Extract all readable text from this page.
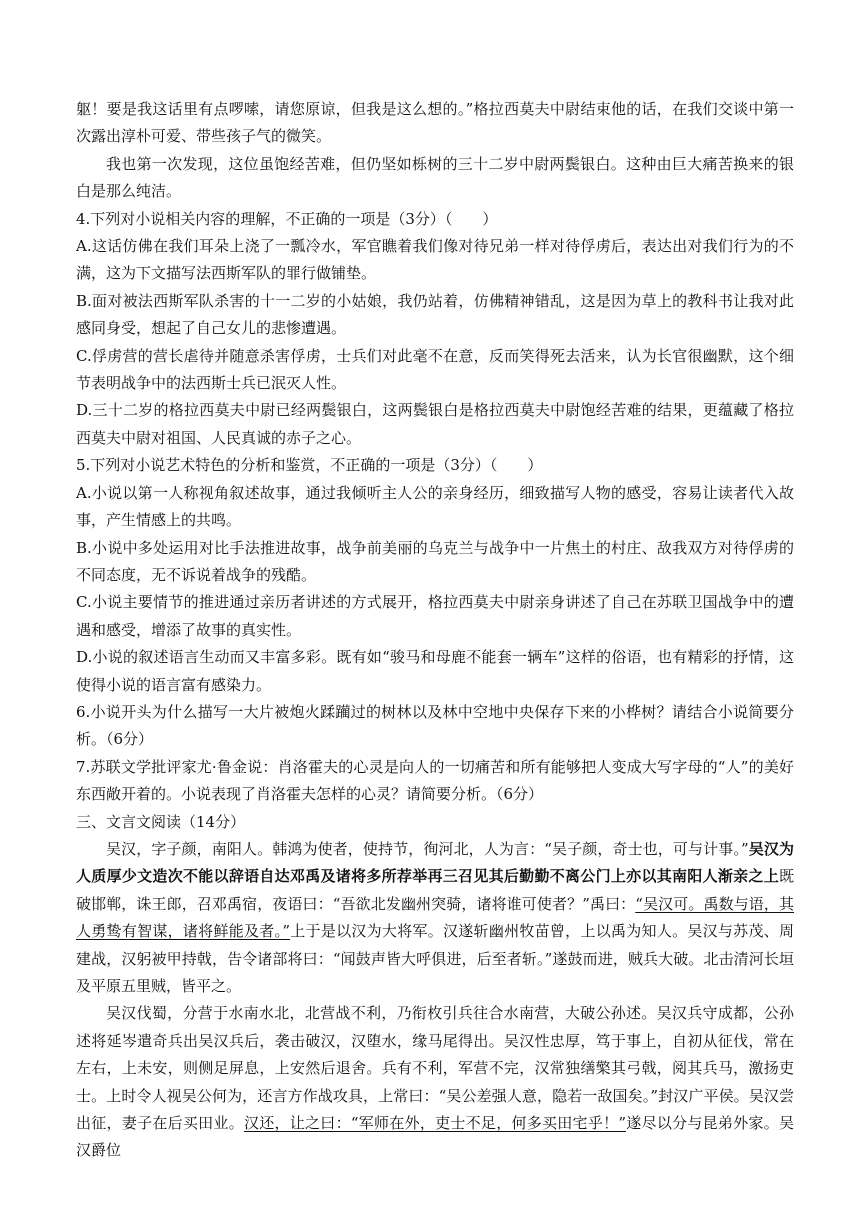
躯！要是我这话里有点啰嗦，请您原谅，但我是这么想的。”格拉西莫夫中尉结束他的话，在我们交谈中第一次露出淳朴可爱、带些孩子气的微笑。

我也第一次发现，这位虽饱经苦难，但仍坚如栎树的三十二岁中尉两鬓银白。这种由巨大痛苦换来的银白是那么纯洁。

4.下列对小说相关内容的理解，不正确的一项是（3分）（　　）

A.这话仿佛在我们耳朵上浇了一瓢冷水，军官瞧着我们像对待兄弟一样对待俘虏后，表达出对我们行为的不满，这为下文描写法西斯军队的罪行做铺垫。

B.面对被法西斯军队杀害的十一二岁的小姑娘，我仍站着，仿佛精神错乱，这是因为草上的教科书让我对此感同身受，想起了自己女儿的悲惨遭遇。

C.俘虏营的营长虐待并随意杀害俘虏，士兵们对此毫不在意，反而笑得死去活来，认为长官很幽默，这个细节表明战争中的法西斯士兵已泯灭人性。

D.三十二岁的格拉西莫夫中尉已经两鬓银白，这两鬓银白是格拉西莫夫中尉饱经苦难的结果，更蕴藏了格拉西莫夫中尉对祖国、人民真诚的赤子之心。

5.下列对小说艺术特色的分析和鉴赏，不正确的一项是（3分）（　　）

A.小说以第一人称视角叙述故事，通过我倾听主人公的亲身经历，细致描写人物的感受，容易让读者代入故事，产生情感上的共鸣。

B.小说中多处运用对比手法推进故事，战争前美丽的乌克兰与战争中一片焦土的村庄、敌我双方对待俘虏的不同态度，无不诉说着战争的残酷。

C.小说主要情节的推进通过亲历者讲述的方式展开，格拉西莫夫中尉亲身讲述了自己在苏联卫国战争中的遭遇和感受，增添了故事的真实性。

D.小说的叙述语言生动而又丰富多彩。既有如“骏马和母鹿不能套一辆车”这样的俗语，也有精彩的抒情，这使得小说的语言富有感染力。

6.小说开头为什么描写一大片被炮火蹂躏过的树林以及林中空地中央保存下来的小桦树？请结合小说简要分析。（6分）

7.苏联文学批评家尤·鲁金说：肖洛霍夫的心灵是向人的一切痛苦和所有能够把人变成大写字母的“人”的美好东西敞开着的。小说表现了肖洛霍夫怎样的心灵？请简要分析。（6分）

三、文言文阅读（14分）

吴汉，字子颜，南阳人。韩鸿为使者，使持节，徇河北，人为言：“吴子颜，奇士也，可与计事。”吴汉为人质厚少文造次不能以辞语自达邓禹及诸将多所荐举再三召见其后勤勤不离公门上亦以其南阳人渐亲之上既破邯郸，诛王郎，召邓禹宿，夜语曰：“吾欲北发幽州突骑，诸将谁可使者？”禹曰：“吴汉可。禹数与语，其人勇鸷有智谋，诸将鲜能及者。”上于是以汉为大将军。汉遂斩幽州牧苗曾，上以禹为知人。吴汉与苏茂、周建战，汉躬被甲持戟，告令诸部将曰：“闻鼓声皆大呼俱进，后至者斩。”遂鼓而进，贼兵大破。北击清河长垣及平原五里贼，皆平之。

吴汉伐蜀，分营于水南水北，北营战不利，乃衔枚引兵往合水南营，大破公孙述。吴汉兵守成都，公孙述将延岑遣奇兵出吴汉兵后，袭击破汉，汉堕水，缘马尾得出。吴汉性忠厚，笃于事上，自初从征伐，常在左右，上未安，则侧足屏息，上安然后退舍。兵有不利，军营不完，汉常独缮檠其弓戟，阅其兵马，激扬吏士。上时令人视吴公何为，还言方作战攻具，上常曰：“吴公差强人意，隐若一敌国矣。”封汉广平侯。吴汉尝出征，妻子在后买田业。汉还，让之曰：“军师在外，吏士不足，何多买田宅乎！”遂尽以分与昆弟外家。吴汉爵位
